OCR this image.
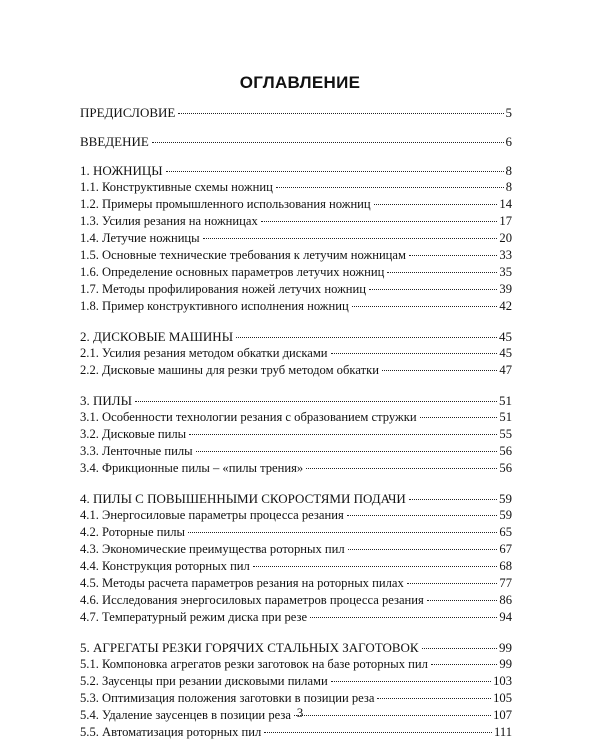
ОГЛАВЛЕНИЕ
ПРЕДИСЛОВИЕ	5
ВВЕДЕНИЕ	6
1. НОЖНИЦЫ	8
1.1. Конструктивные схемы ножниц	8
1.2. Примеры промышленного использования ножниц	14
1.3. Усилия резания на ножницах	17
1.4. Летучие ножницы	20
1.5. Основные технические требования к летучим ножницам	33
1.6. Определение основных параметров летучих ножниц	35
1.7. Методы профилирования ножей летучих ножниц	39
1.8. Пример конструктивного исполнения ножниц	42
2. ДИСКОВЫЕ МАШИНЫ	45
2.1. Усилия резания методом обкатки дисками	45
2.2. Дисковые машины для резки труб методом обкатки	47
3. ПИЛЫ	51
3.1. Особенности технологии резания с образованием стружки	51
3.2. Дисковые пилы	55
3.3. Ленточные пилы	56
3.4. Фрикционные пилы – «пилы трения»	56
4. ПИЛЫ С ПОВЫШЕННЫМИ СКОРОСТЯМИ ПОДАЧИ	59
4.1. Энергосиловые параметры процесса резания	59
4.2. Роторные пилы	65
4.3. Экономические преимущества роторных пил	67
4.4. Конструкция роторных пил	68
4.5. Методы расчета параметров резания на роторных пилах	77
4.6. Исследования энергосиловых параметров процесса резания	86
4.7. Температурный режим диска при резе	94
5. АГРЕГАТЫ РЕЗКИ ГОРЯЧИХ СТАЛЬНЫХ ЗАГОТОВОК	99
5.1. Компоновка агрегатов резки заготовок на базе роторных пил	99
5.2. Заусенцы при резании дисковыми пилами	103
5.3. Оптимизация положения заготовки в позиции реза	105
5.4. Удаление заусенцев в позиции реза	107
5.5. Автоматизация роторных пил	111
3
